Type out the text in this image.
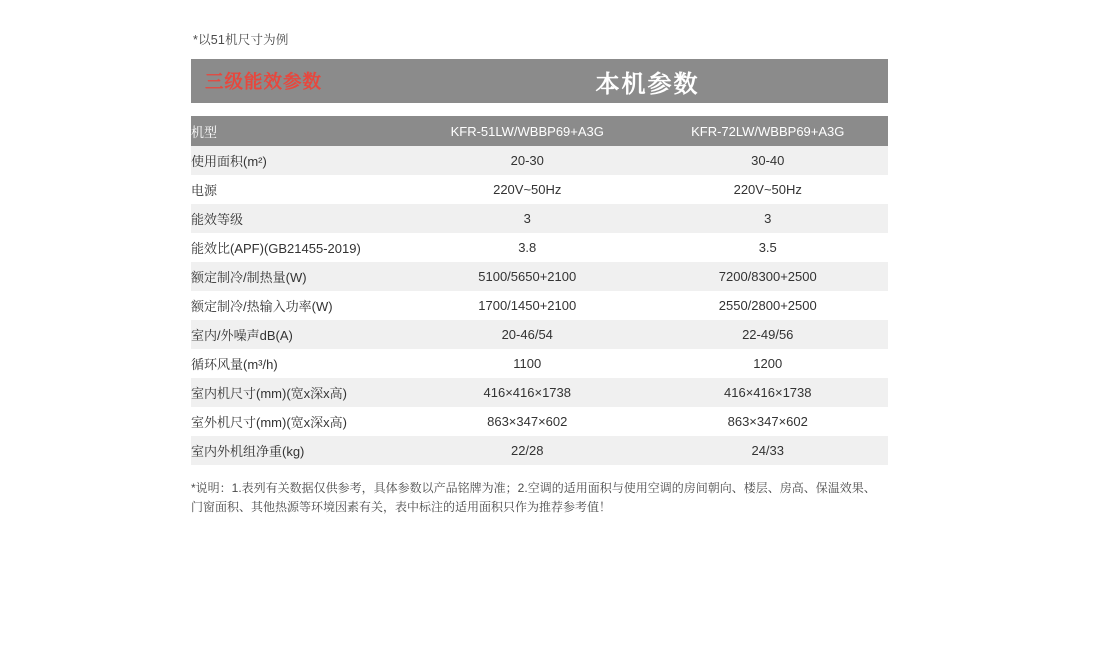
*以51机尺寸为例
三级能效参数	本机参数
机型	KFR-51LW/WBBP69+A3G	KFR-72LW/WBBP69+A3G
使用面积(m²)	20-30	30-40
电源	220V~50Hz	220V~50Hz
能效等级	3	3
能效比(APF)(GB21455-2019)	3.8	3.5
额定制冷/制热量(W)	5100/5650+2100	7200/8300+2500
额定制冷/热输入功率(W)	1700/1450+2100	2550/2800+2500
室内/外噪声dB(A)	20-46/54	22-49/56
循环风量(m³/h)	1100	1200
室内机尺寸(mm)(宽x深x高)	416×416×1738	416×416×1738
室外机尺寸(mm)(宽x深x高)	863×347×602	863×347×602
室内外机组净重(kg)	22/28	24/33
*说明：1.表列有关数据仅供参考，具体参数以产品铭牌为准；2.空调的适用面积与使用空调的房间朝向、楼层、房高、保温效果、
门窗面积、其他热源等环境因素有关，表中标注的适用面积只作为推荐参考值！
